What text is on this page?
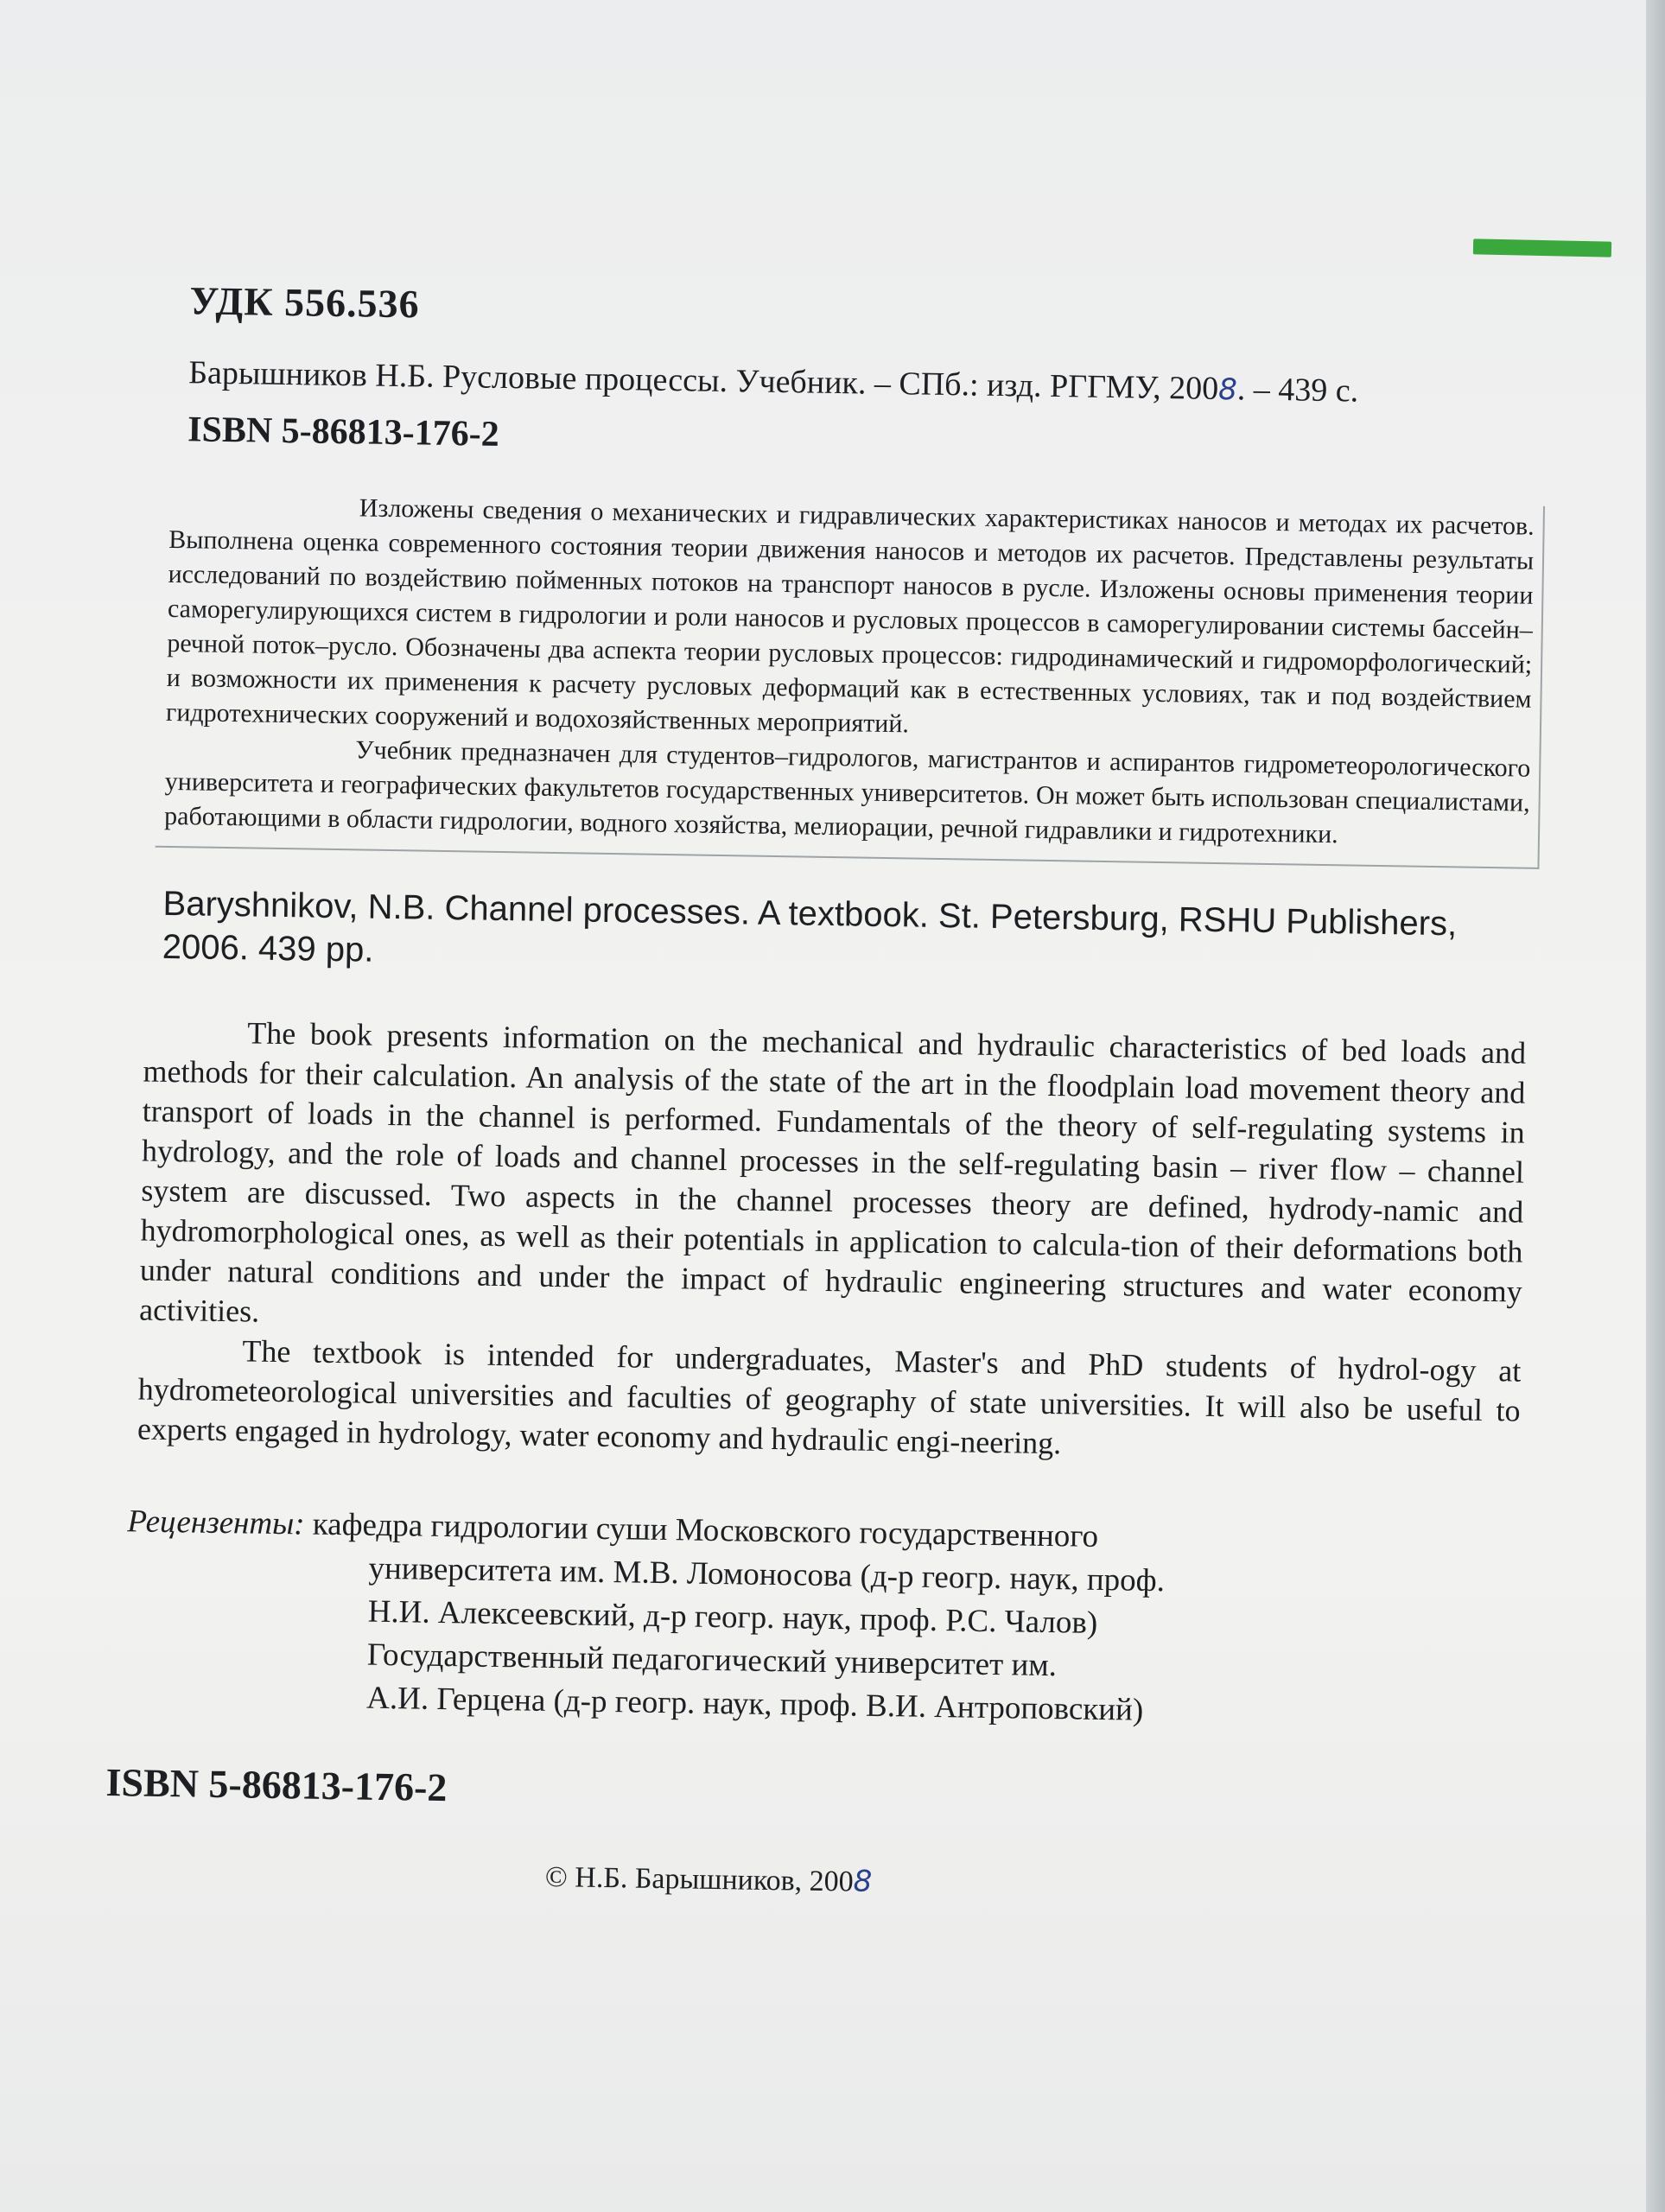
УДК 556.536
Барышников Н.Б. Русловые процессы. Учебник. – СПб.: изд. РГГМУ, 2008. – 439 с.
ISBN 5-86813-176-2

Изложены сведения о механических и гидравлических характеристиках наносов и методах их расчетов. Выполнена оценка современного состояния теории движения наносов и методов их расчетов. Представлены результаты исследований по воздействию пойменных потоков на транспорт наносов в русле. Изложены основы применения теории саморегулирующихся систем в гидрологии и роли наносов и русловых процессов в саморегулировании системы бассейн–речной поток–русло. Обозначены два аспекта теории русловых процессов: гидродинамический и гидроморфологический; и возможности их применения к расчету русловых деформаций как в естественных условиях, так и под воздействием гидротехнических сооружений и водохозяйственных мероприятий.

Учебник предназначен для студентов–гидрологов, магистрантов и аспирантов гидрометеорологического университета и географических факультетов государственных университетов. Он может быть использован специалистами, работающими в области гидрологии, водного хозяйства, мелиорации, речной гидравлики и гидротехники.

Baryshnikov, N.B. Channel processes. A textbook. St. Petersburg, RSHU Publishers, 2006. 439 pp.

The book presents information on the mechanical and hydraulic characteristics of bed loads and methods for their calculation. An analysis of the state of the art in the floodplain load movement theory and transport of loads in the channel is performed. Fundamentals of the theory of self-regulating systems in hydrology, and the role of loads and channel processes in the self-regulating basin – river flow – channel system are discussed. Two aspects in the channel processes theory are defined, hydrody-namic and hydromorphological ones, as well as their potentials in application to calcula-tion of their deformations both under natural conditions and under the impact of hydraulic engineering structures and water economy activities.

The textbook is intended for undergraduates, Master's and PhD students of hydrol-ogy at hydrometeorological universities and faculties of geography of state universities. It will also be useful to experts engaged in hydrology, water economy and hydraulic engi-neering.

Рецензенты: кафедра гидрологии суши Московского государственного
университета им. М.В. Ломоносова (д-р геогр. наук, проф.
Н.И. Алексеевский, д-р геогр. наук, проф. Р.С. Чалов)
Государственный педагогический университет им.
А.И. Герцена (д-р геогр. наук, проф. В.И. Антроповский)
ISBN 5-86813-176-2
© Н.Б. Барышников, 2008
